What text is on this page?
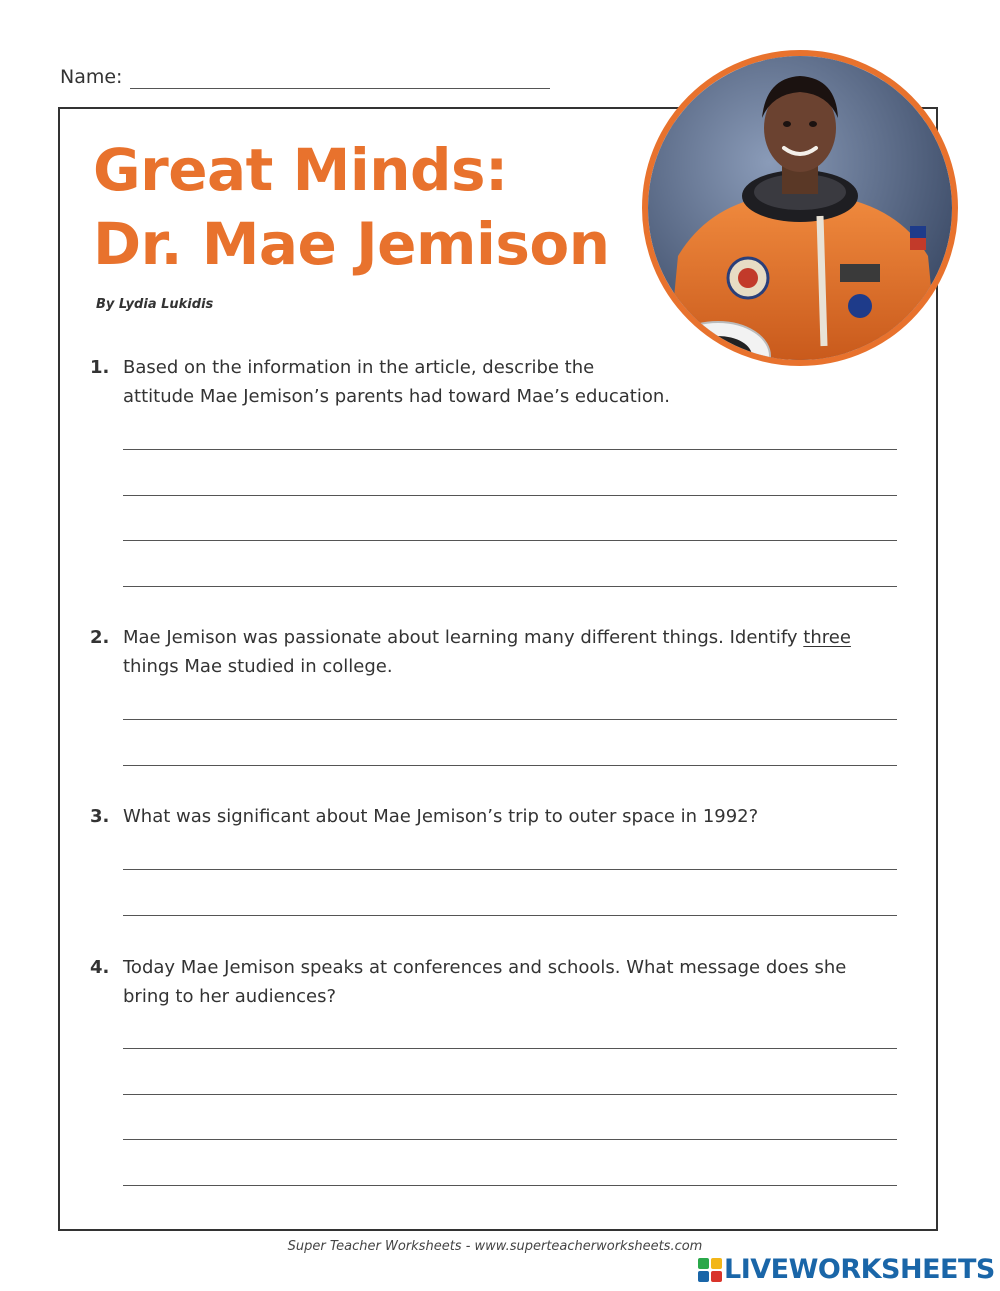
Name:
Great Minds:
Dr. Mae Jemison
By Lydia Lukidis
1. Based on the information in the article, describe the
attitude Mae Jemison’s parents had toward Mae’s education.
2. Mae Jemison was passionate about learning many different things. Identify three
things Mae studied in college.
3. What was significant about Mae Jemison’s trip to outer space in 1992?
4. Today Mae Jemison speaks at conferences and schools. What message does she
bring to her audiences?
Super Teacher Worksheets - www.superteacherworksheets.com
LIVEWORKSHEETS
